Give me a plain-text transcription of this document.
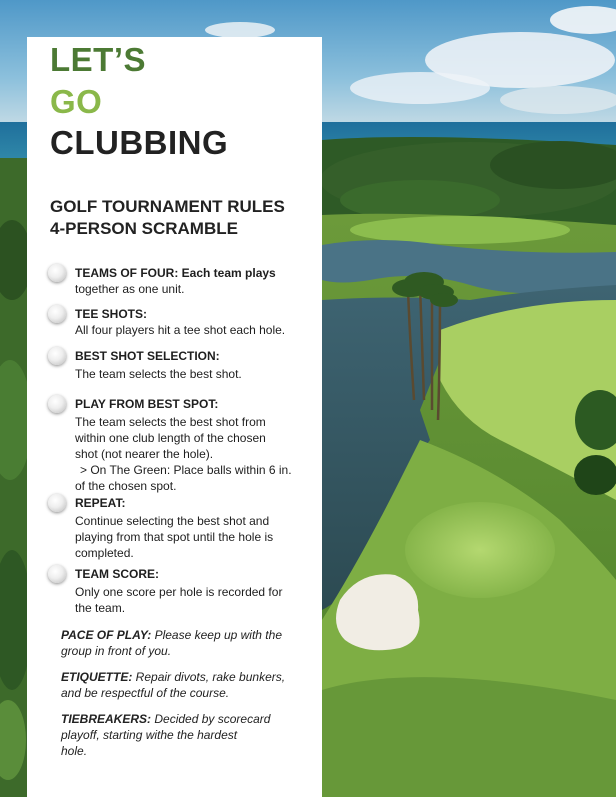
LET’S
GO
CLUBBING
GOLF TOURNAMENT RULES
4-PERSON SCRAMBLE
TEAMS OF FOUR: Each team plays
together as one unit.
TEE SHOTS:
All four players hit a tee shot each hole.
BEST SHOT SELECTION:
The team selects the best shot.
PLAY FROM BEST SPOT:
The team selects the best shot from
within one club length of the chosen
shot (not nearer the hole).
> On The Green: Place balls within 6 in.
of the chosen spot.
REPEAT:
Continue selecting the best shot and
playing from that spot until the hole is
completed.
TEAM SCORE:
Only one score per hole is recorded for
the team.

PACE OF PLAY: Please keep up with the

group in front of you.

ETIQUETTE: Repair divots, rake bunkers,

and be respectful of the course.

TIEBREAKERS: Decided by scorecard

playoff, starting withe the hardest

hole.
